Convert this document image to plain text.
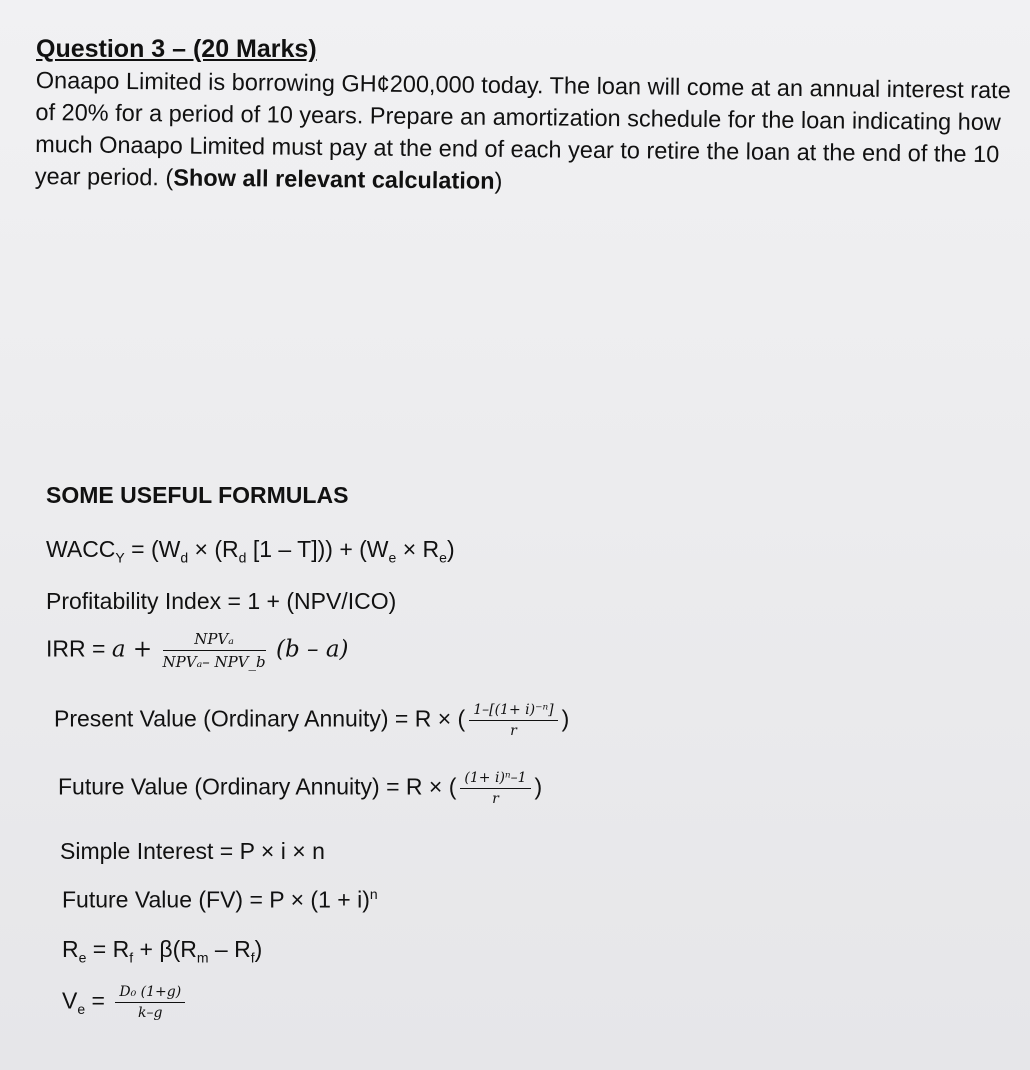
Question 3 – (20 Marks)

Onaapo Limited is borrowing GH¢200,000 today. The loan will come at an annual interest rate of 20% for a period of 10 years. Prepare an amortization schedule for the loan indicating how much Onaapo Limited must pay at the end of each year to retire the loan at the end of the 10 year period. (Show all relevant calculation)

SOME USEFUL FORMULAS

$WACC_Y = (W_d \times (R_d$ $[1 - T])) + (W_e \times R_e)$
Profitability Index = 1 + (NPV/ICO)
IRR = $a + \frac{\text{NPVₐ}}{\text{NPVₐ– NPV\_b}} (b - a)$
Present Value (Ordinary Annuity) = R × ( $\frac{\text{1–[(1+ i)⁻ⁿ]}}{r}$ )
Future Value (Ordinary Annuity) = R × ( $\frac{\text{(1+ i)ⁿ–1}}{r}$ )
Simple Interest = P × i × n
Future Value $(FV) = P \times (1 + i)^n$
$R_e = R_f + \beta(R_m - R_f)$
$V_e = \frac{\text{D₀ (1+g)}}{k-g}$
